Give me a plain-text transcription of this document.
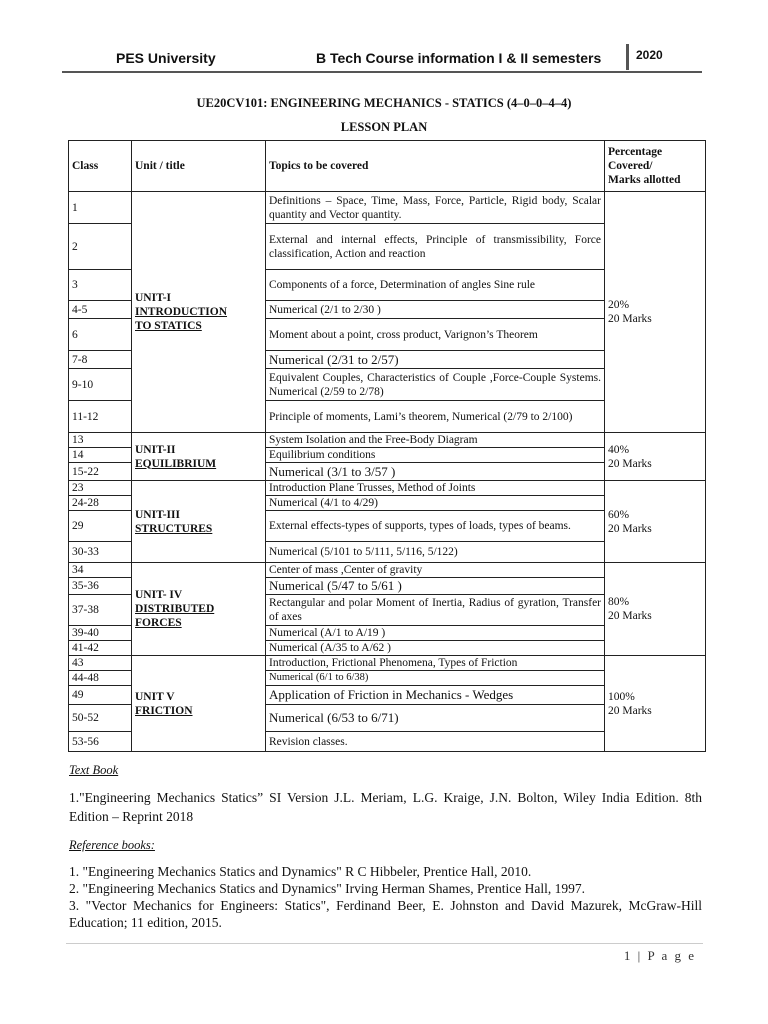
PES University	B Tech Course information I & II semesters	2020
UE20CV101: ENGINEERING MECHANICS - STATICS (4–0–0–4–4)
LESSON PLAN
Class	Unit / title	Topics to be covered	Percentage
Covered/
Marks allotted

1	UNIT-I
INTRODUCTION
TO STATICS	Definitions – Space, Time, Mass, Force, Particle, Rigid body, Scalar quantity and Vector quantity.	20%
20 Marks

2		External and internal effects, Principle of transmissibility, Force classification, Action and reaction	
3		Components of a force, Determination of angles Sine rule	
4-5		Numerical (2/1 to 2/30 )	
6		Moment about a point, cross product, Varignon’s Theorem	
7-8		Numerical (2/31 to 2/57)	
9-10		Equivalent Couples, Characteristics of Couple ,Force-Couple Systems. Numerical (2/59 to 2/78)	
11-12		Principle of moments, Lami’s theorem, Numerical (2/79 to 2/100)	
13	UNIT-II
EQUILIBRIUM	System Isolation and the Free-Body Diagram	40%
20 Marks

14		Equilibrium conditions	
15-22		Numerical (3/1 to 3/57 )	
23	UNIT-III
STRUCTURES	Introduction Plane Trusses, Method of Joints	60%
20 Marks

24-28		Numerical (4/1 to 4/29)	
29		External effects-types of supports, types of loads, types of beams.	
30-33		Numerical (5/101 to 5/111, 5/116, 5/122)	
34	UNIT- IV
DISTRIBUTED
FORCES	Center of mass ,Center of gravity	80%
20 Marks

35-36		Numerical (5/47 to 5/61 )	
37-38		Rectangular and polar Moment of Inertia, Radius of gyration, Transfer of axes	
39-40		Numerical (A/1 to A/19 )	
41-42		Numerical (A/35 to A/62 )	
43	UNIT V
FRICTION	Introduction, Frictional Phenomena, Types of Friction	100%
20 Marks

44-48		Numerical (6/1 to 6/38)	
49		Application of Friction in Mechanics - Wedges	
50-52		Numerical (6/53 to 6/71)	
53-56		Revision classes.	
Text Book
1."Engineering Mechanics Statics” SI Version J.L. Meriam, L.G. Kraige, J.N. Bolton, Wiley India Edition. 8th Edition – Reprint 2018
Reference books:
1. "Engineering Mechanics Statics and Dynamics" R C Hibbeler, Prentice Hall, 2010.
2. "Engineering Mechanics Statics and Dynamics" Irving Herman Shames, Prentice Hall, 1997.
3. "Vector Mechanics for Engineers: Statics", Ferdinand Beer, E. Johnston and David Mazurek, McGraw-Hill Education; 11 edition, 2015.
1 | P a g e
